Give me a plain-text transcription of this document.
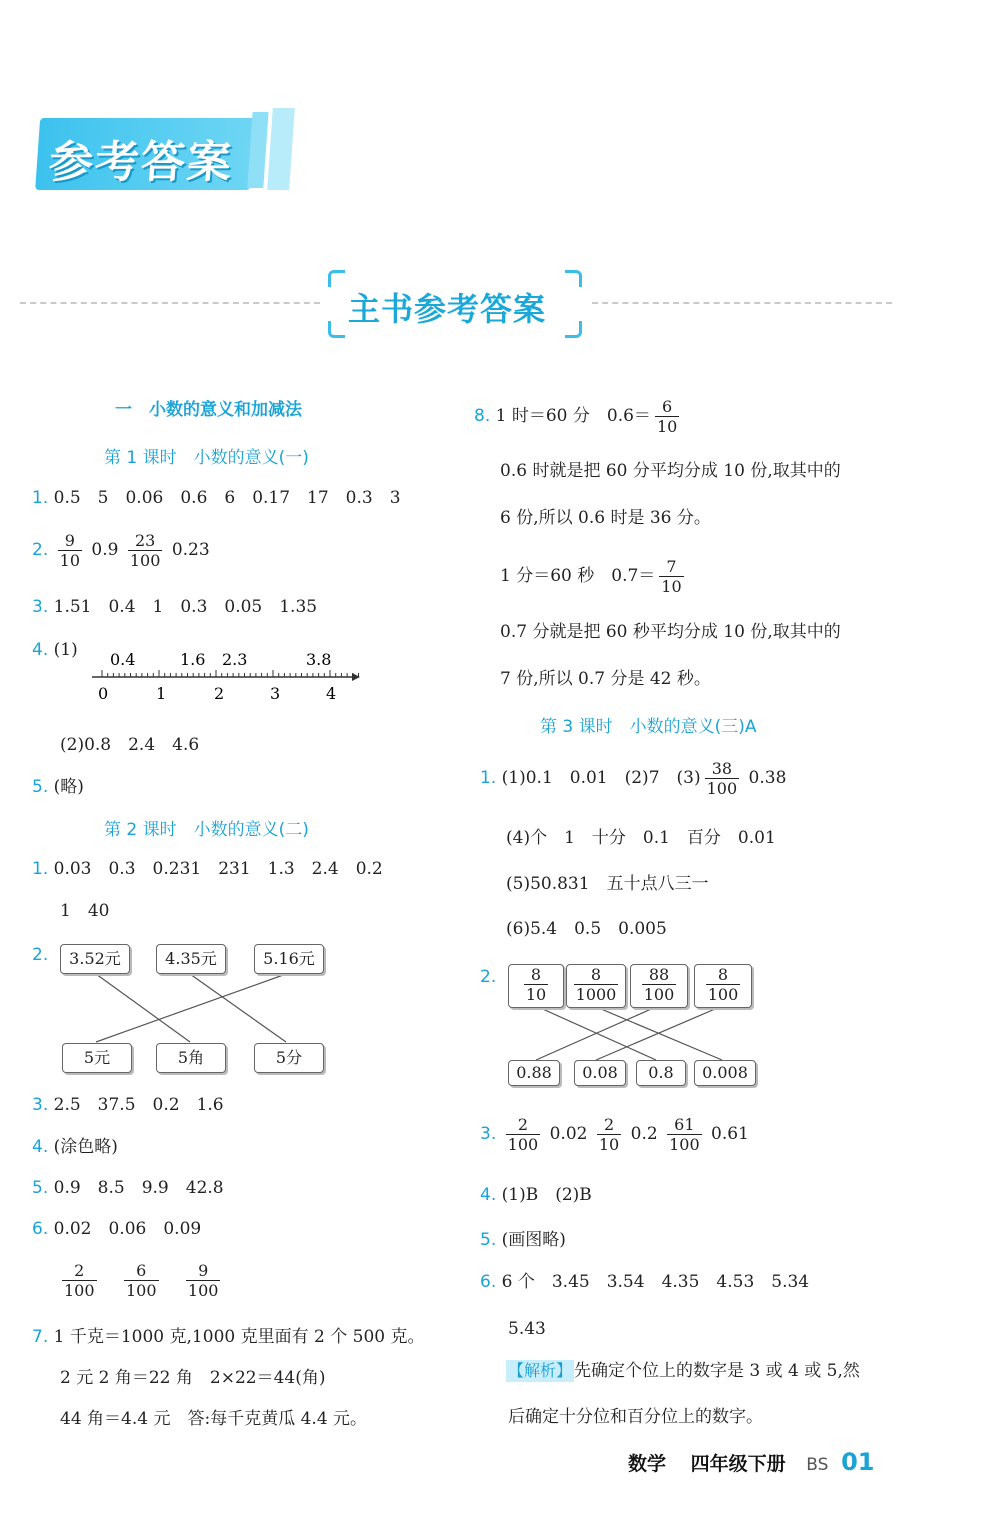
参考答案
主书参考答案
一　小数的意义和加减法
第 1 课时　小数的意义(一)
1. 0.5　5　0.06　0.6　6　0.17　17　0.3　3
2. $\frac{9}{10} 0.9 \frac{23}{100} 0.23$
3. 1.51　0.4　1　0.3　0.05　1.35
4. (1) 0.4	1.6 2.3	3.8
0	1	2	3	4
(2)0.8　2.4　4.6
5. (略)
第 2 课时　小数的意义(二)
1. 0.03　0.3　0.231　231　1.3　2.4　0.2
1　40
2.	3.52元	4.35元	5.16元
5元	5角	5分
3. 2.5　37.5　0.2　1.6
4. (涂色略)
5. 0.9　8.5　9.9　42.8
6. 0.02　0.06　0.09
$\frac{2}{100}$
$\frac{6}{100}$
$\frac{9}{100}$
7. 1 千克＝1000 克,1000 克里面有 2 个 500 克。
2 元 2 角＝22 角　2×22＝44(角)
44 角＝4.4 元　答:每千克黄瓜 4.4 元。
8. 1 时＝60 分　$0.6= \frac{6}{10}$
0.6 时就是把 60 分平均分成 10 份,取其中的
6 份,所以 0.6 时是 36 分。
1 分＝60 秒　$0.7= \frac{7}{10}$
0.7 分就是把 60 秒平均分成 10 份,取其中的
7 份,所以 0.7 分是 42 秒。
第 3 课时　小数的意义(三)A
1. (1)0.1　0.01　(2)7　$(3) \frac{38}{100} 0.38$
(4)个　1　十分　0.1　百分　0.01
(5)50.831　五十点八三一
(6)5.4　0.5　0.005
2. $\frac{8}{10} \frac{8}{1000} \frac{88}{100} \frac{8}{100}$
0.88	0.08	0.8	0.008
3. $\frac{2}{100} 0.02 \frac{2}{10} 0.2 \frac{61}{100} 0.61$
4. (1)B　(2)B
5. (画图略)
6. 6 个　3.45　3.54　4.35　4.53　5.34
5.43
【解析】 先确定个位上的数字是 3 或 4 或 5,然
后确定十分位和百分位上的数字。
数学 四年级下册 BS 01
